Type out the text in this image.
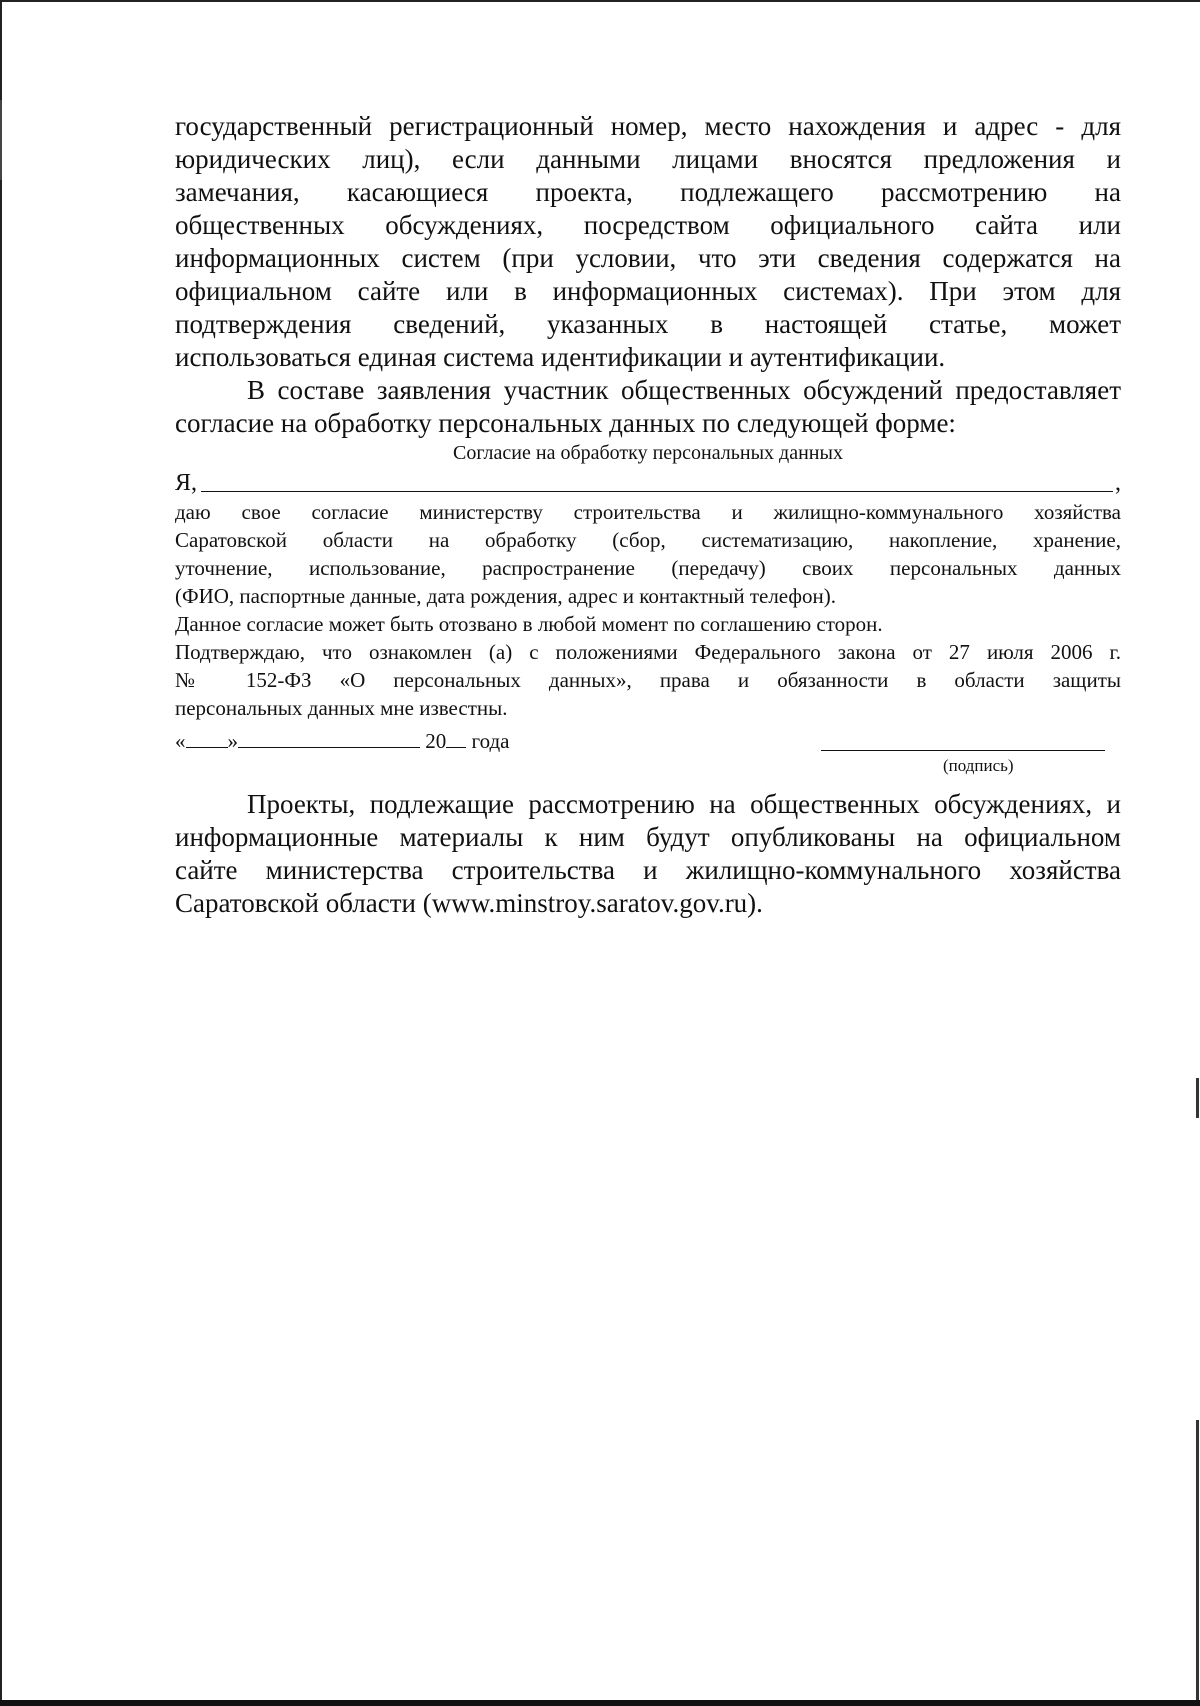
государственный регистрационный номер, место нахождения и адрес - для

юридических лиц), если данными лицами вносятся предложения и

замечания, касающиеся проекта, подлежащего рассмотрению на

общественных обсуждениях, посредством официального сайта или

информационных систем (при условии, что эти сведения содержатся на

официальном сайте или в информационных системах). При этом для

подтверждения сведений, указанных в настоящей статье, может

использоваться единая система идентификации и аутентификации.

В составе заявления участник общественных обсуждений предоставляет

согласие на обработку персональных данных по следующей форме:

Согласие на обработку персональных данных

Я,	,

даю свое согласие министерству строительства и жилищно-коммунального хозяйства

Саратовской области на обработку (сбор, систематизацию, накопление, хранение,

уточнение, использование, распространение (передачу) своих персональных данных

(ФИО, паспортные данные, дата рождения, адрес и контактный телефон).

Данное согласие может быть отозвано в любой момент по соглашению сторон.

Подтверждаю, что ознакомлен (а) с положениями Федерального закона от 27 июля 2006 г.

№ 152-ФЗ «О персональных данных», права и обязанности в области защиты

персональных данных мне известны.

« »	20 года
(подпись)

Проекты, подлежащие рассмотрению на общественных обсуждениях, и

информационные материалы к ним будут опубликованы на официальном

сайте министерства строительства и жилищно-коммунального хозяйства

Саратовской области (www.minstroy.saratov.gov.ru).
